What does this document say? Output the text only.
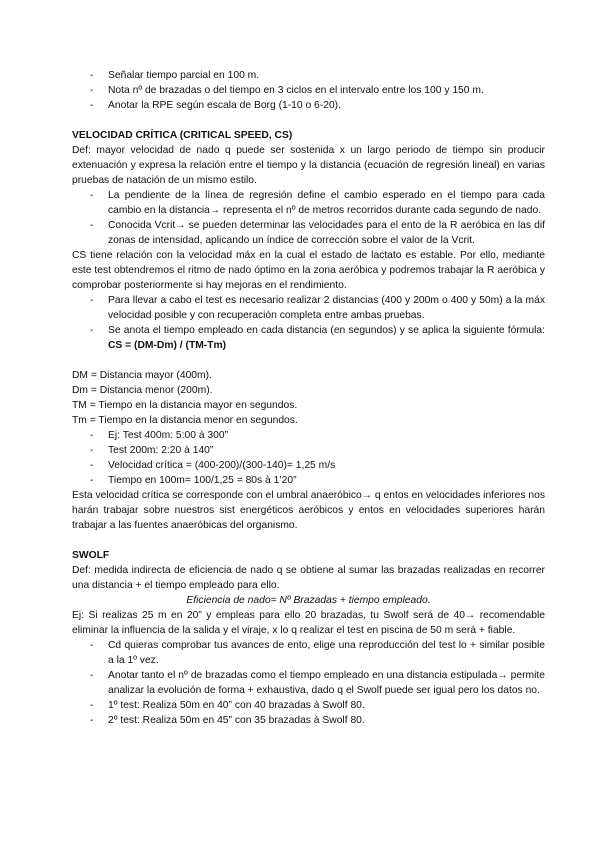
- Señalar tiempo parcial en 100 m.
- Nota nº de brazadas o del tiempo en 3 ciclos en el intervalo entre los 100 y 150 m.
- Anotar la RPE según escala de Borg (1-10 o 6-20).
VELOCIDAD CRÍTICA (CRITICAL SPEED, CS)
Def: mayor velocidad de nado q puede ser sostenida x un largo periodo de tiempo sin producir extenuación y expresa la relación entre el tiempo y la distancia (ecuación de regresión lineal) en varias pruebas de natación de un mismo estilo.
- La pendiente de la línea de regresión define el cambio esperado en el tiempo para cada cambio en la distancia→ representa el nº de metros recorridos durante cada segundo de nado.
- Conocida Vcrit→ se pueden determinar las velocidades para el ento de la R aeróbica en las dif zonas de intensidad, aplicando un índice de corrección sobre el valor de la Vcrit.
CS tiene relación con la velocidad máx en la cual el estado de lactato es estable. Por ello, mediante este test obtendremos el ritmo de nado óptimo en la zona aeróbica y podremos trabajar la R aeróbica y comprobar posteriormente si hay mejoras en el rendimiento.
- Para llevar a cabo el test es necesario realizar 2 distancias (400 y 200m o 400 y 50m) a la máx velocidad posible y con recuperación completa entre ambas pruebas.
- Se anota el tiempo empleado en cada distancia (en segundos) y se aplica la siguiente fórmula: CS = (DM-Dm) / (TM-Tm)
DM = Distancia mayor (400m).
Dm = Distancia menor (200m).
TM = Tiempo en la distancia mayor en segundos.
Tm = Tiempo en la distancia menor en segundos.
- Ej: Test 400m: 5:00 à 300”
- Test 200m: 2:20 à 140”
- Velocidad crítica = (400-200)/(300-140)= 1,25 m/s
- Tiempo en 100m= 100/1,25 = 80s à 1’20”
Esta velocidad crítica se corresponde con el umbral anaeróbico→ q entos en velocidades inferiores nos harán trabajar sobre nuestros sist energéticos aeróbicos y entos en velocidades superiores harán trabajar a las fuentes anaeróbicas del organismo.
SWOLF
Def: medida indirecta de eficiencia de nado q se obtiene al sumar las brazadas realizadas en recorrer una distancia + el tiempo empleado para ello.
Eficiencia de nado= Nº Brazadas + tiempo empleado.
Ej: Si realizas 25 m en 20” y empleas para ello 20 brazadas, tu Swolf será de 40→ recomendable eliminar la influencia de la salida y el viraje, x lo q realizar el test en piscina de 50 m será + fiable.
- Cd quieras comprobar tus avances de ento, elige una reproducción del test lo + similar posible a la 1º vez.
- Anotar tanto el nº de brazadas como el tiempo empleado en una distancia estipulada→ permite analizar la evolución de forma + exhaustiva, dado q el Swolf puede ser igual pero los datos no.
- 1º test: Realiza 50m en 40” con 40 brazadas à Swolf 80.
- 2º test: Realiza 50m en 45” con 35 brazadas à Swolf 80.
